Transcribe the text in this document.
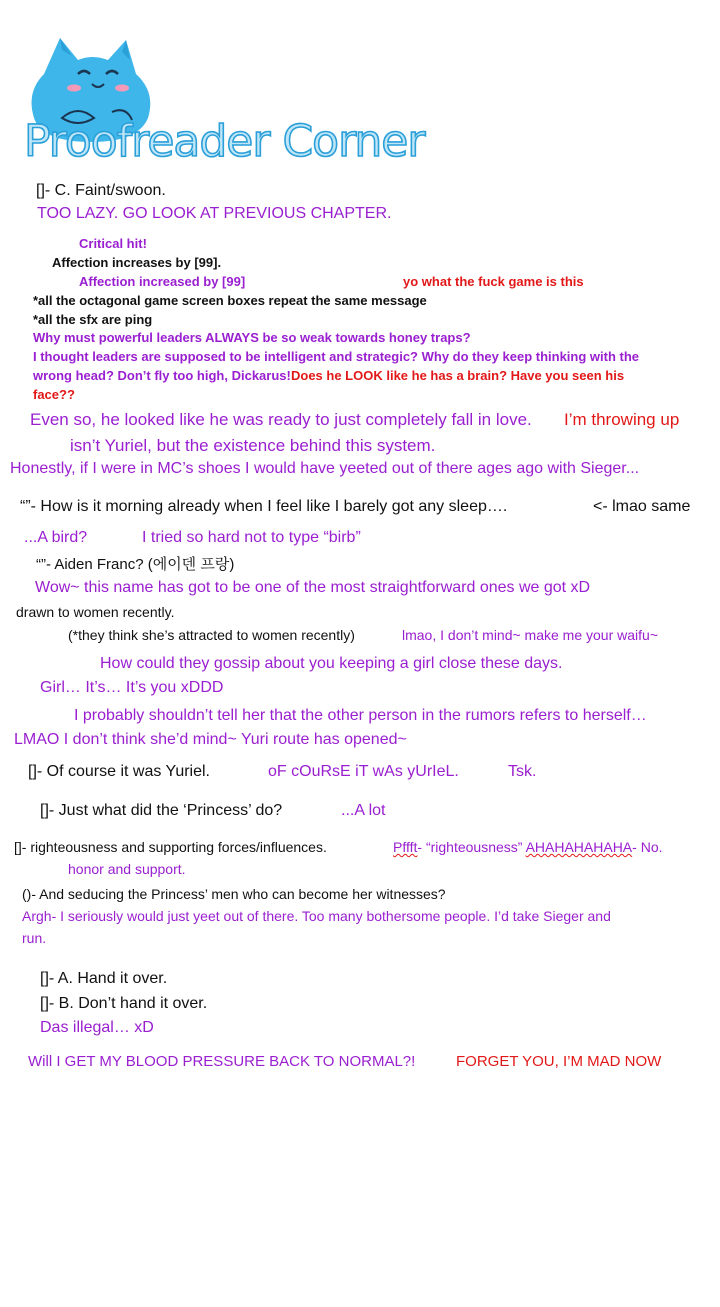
Proofreader Corner
[]- C. Faint/swoon.
TOO LAZY. GO LOOK AT PREVIOUS CHAPTER.
Critical hit!
Affection increases by [99].
Affection increased by [99]	yo what the fuck game is this
*all the octagonal game screen boxes repeat the same message
*all the sfx are ping
Why must powerful leaders ALWAYS be so weak towards honey traps?
I thought leaders are supposed to be intelligent and strategic? Why do they keep thinking with the
wrong head? Don’t fly too high, Dickarus! Does he LOOK like he has a brain? Have you seen his
face??
Even so, he looked like he was ready to just completely fall in love. I’m throwing up
isn’t Yuriel, but the existence behind this system.
Honestly, if I were in MC’s shoes I would have yeeted out of there ages ago with Sieger...
“”- How is it morning already when I feel like I barely got any sleep….	<- lmao same
...A bird?	I tried so hard not to type “birb”
“”- Aiden Franc? (에이덴 프랑)
Wow~ this name has got to be one of the most straightforward ones we got xD
drawn to women recently.
(*they think she’s attracted to women recently)	lmao, I don’t mind~ make me your waifu~
How could they gossip about you keeping a girl close these days.
Girl… It’s… It’s you xDDD
I probably shouldn’t tell her that the other person in the rumors refers to herself…
LMAO I don’t think she’d mind~ Yuri route has opened~
[]- Of course it was Yuriel.	oF cOuRsE iT wAs yUrIeL.	Tsk.
[]- Just what did the ‘Princess’ do?	...A lot
[]- righteousness and supporting forces/influences.	Pffft- “righteousness” AHAHAHAHAHA- No.
honor and support.
()- And seducing the Princess’ men who can become her witnesses?
Argh- I seriously would just yeet out of there. Too many bothersome people. I’d take Sieger and
run.
[]- A. Hand it over.
[]- B. Don’t hand it over.
Das illegal… xD
Will I GET MY BLOOD PRESSURE BACK TO NORMAL?!	FORGET YOU, I’M MAD NOW
